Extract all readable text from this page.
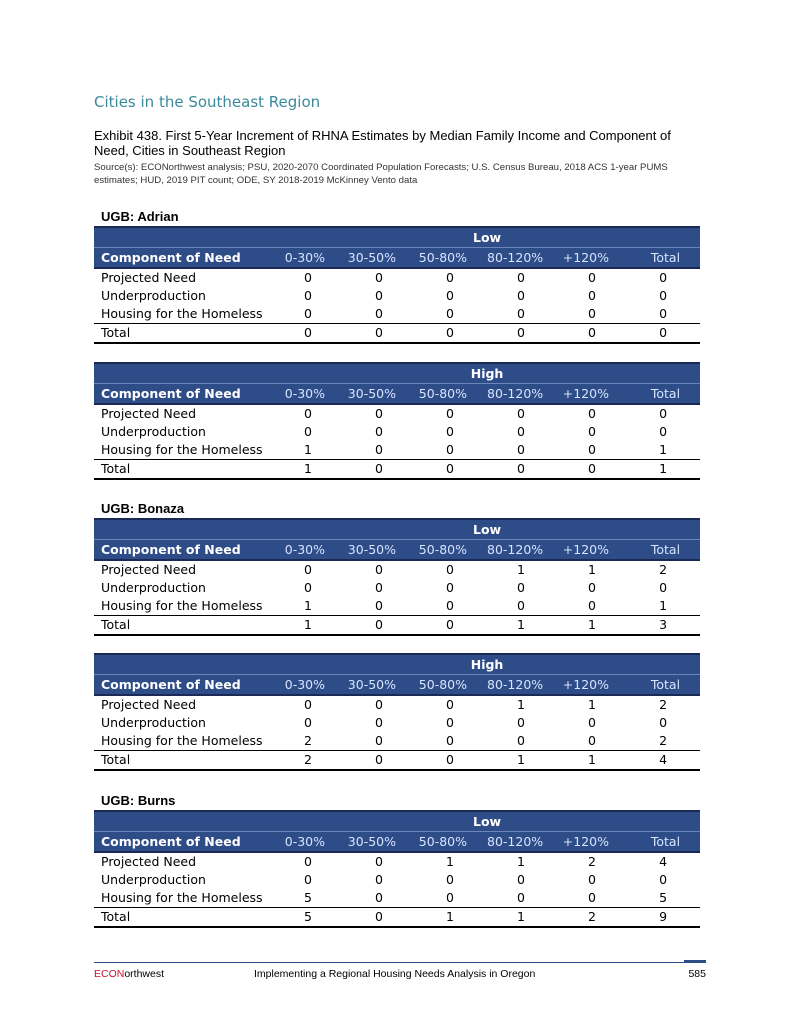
Cities in the Southeast Region
Exhibit 438. First 5-Year Increment of RHNA Estimates by Median Family Income and Component of Need, Cities in Southeast Region
Source(s): ECONorthwest analysis; PSU, 2020-2070 Coordinated Population Forecasts; U.S. Census Bureau, 2018 ACS 1-year PUMS estimates; HUD, 2019 PIT count; ODE, SY 2018-2019 McKinney Vento data
UGB: Adrian
	Low					
Component of Need	0-30%	30-50%	50-80%	80-120%	+120%	Total
Projected Need	0	0	0	0	0	0
Underproduction	0	0	0	0	0	0
Housing for the Homeless	0	0	0	0	0	0
Total	0	0	0	0	0	0
	High					
Component of Need	0-30%	30-50%	50-80%	80-120%	+120%	Total
Projected Need	0	0	0	0	0	0
Underproduction	0	0	0	0	0	0
Housing for the Homeless	1	0	0	0	0	1
Total	1	0	0	0	0	1
UGB: Bonaza
	Low					
Component of Need	0-30%	30-50%	50-80%	80-120%	+120%	Total
Projected Need	0	0	0	1	1	2
Underproduction	0	0	0	0	0	0
Housing for the Homeless	1	0	0	0	0	1
Total	1	0	0	1	1	3
	High					
Component of Need	0-30%	30-50%	50-80%	80-120%	+120%	Total
Projected Need	0	0	0	1	1	2
Underproduction	0	0	0	0	0	0
Housing for the Homeless	2	0	0	0	0	2
Total	2	0	0	1	1	4
UGB: Burns
	Low					
Component of Need	0-30%	30-50%	50-80%	80-120%	+120%	Total
Projected Need	0	0	1	1	2	4
Underproduction	0	0	0	0	0	0
Housing for the Homeless	5	0	0	0	0	5
Total	5	0	1	1	2	9
ECONorthwest	Implementing a Regional Housing Needs Analysis in Oregon	585
